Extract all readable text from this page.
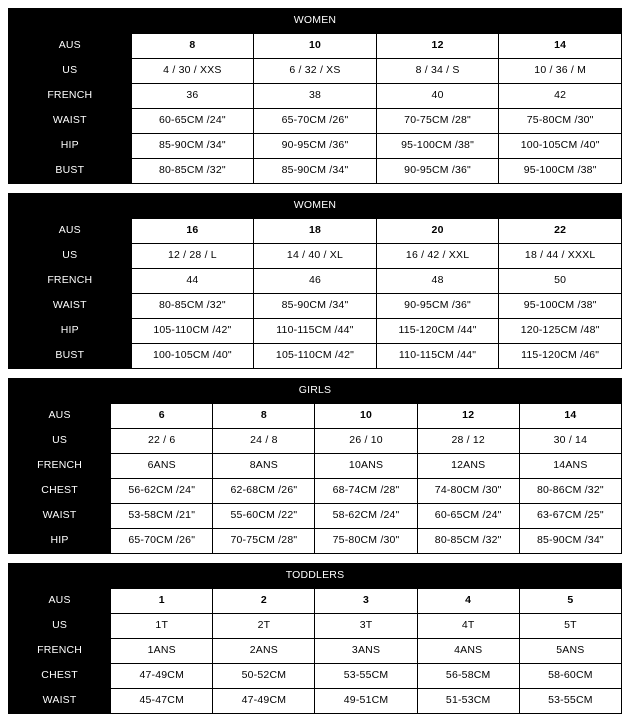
WOMEN				
AUS	8	10	12	14
US	4 / 30 / XXS	6 / 32 / XS	8 / 34 / S	10 / 36 / M
FRENCH	36	38	40	42
WAIST	60-65CM /24"	65-70CM /26"	70-75CM /28"	75-80CM /30"
HIP	85-90CM /34"	90-95CM /36"	95-100CM /38"	100-105CM /40"
BUST	80-85CM /32"	85-90CM /34"	90-95CM /36"	95-100CM /38"
WOMEN				
AUS	16	18	20	22
US	12 / 28 / L	14 / 40 / XL	16 / 42 / XXL	18 / 44 / XXXL
FRENCH	44	46	48	50
WAIST	80-85CM /32"	85-90CM /34"	90-95CM /36"	95-100CM /38"
HIP	105-110CM /42"	110-115CM /44"	115-120CM /44"	120-125CM /48"
BUST	100-105CM /40"	105-110CM /42"	110-115CM /44"	115-120CM /46"
GIRLS					
AUS	6	8	10	12	14
US	22 / 6	24 / 8	26 / 10	28 / 12	30 / 14
FRENCH	6ANS	8ANS	10ANS	12ANS	14ANS
CHEST	56-62CM /24"	62-68CM /26"	68-74CM /28"	74-80CM /30"	80-86CM /32"
WAIST	53-58CM /21"	55-60CM /22"	58-62CM /24"	60-65CM /24"	63-67CM /25"
HIP	65-70CM /26"	70-75CM /28"	75-80CM /30"	80-85CM /32"	85-90CM /34"
TODDLERS					
AUS	1	2	3	4	5
US	1T	2T	3T	4T	5T
FRENCH	1ANS	2ANS	3ANS	4ANS	5ANS
CHEST	47-49CM	50-52CM	53-55CM	56-58CM	58-60CM
WAIST	45-47CM	47-49CM	49-51CM	51-53CM	53-55CM
